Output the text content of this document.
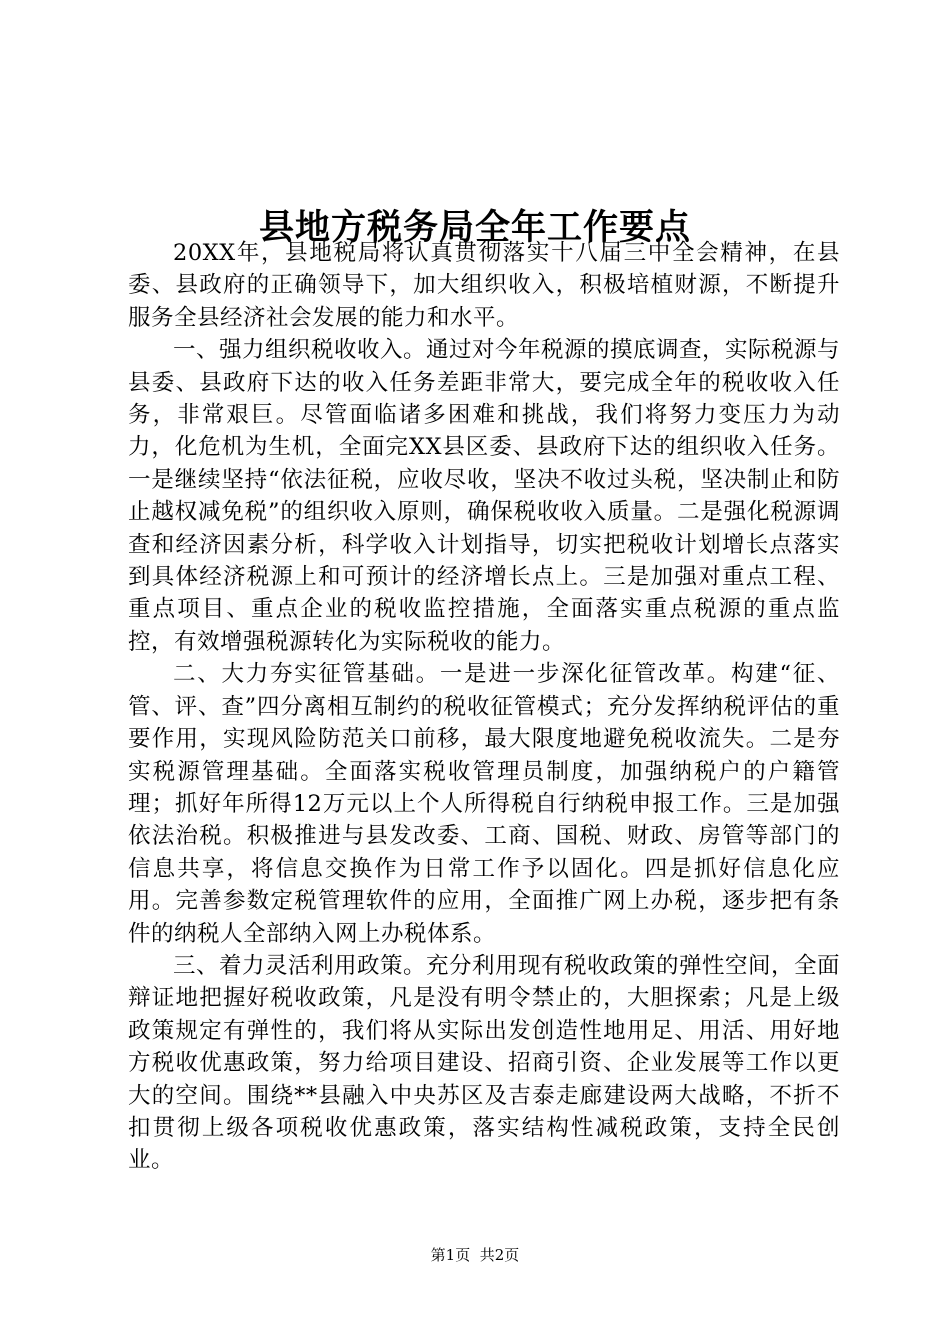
县地方税务局全年工作要点

20XX年，县地税局将认真贯彻落实十八届三中全会精神，在县委、县政府的正确领导下，加大组织收入，积极培植财源，不断提升服务全县经济社会发展的能力和水平。

一、强力组织税收收入。通过对今年税源的摸底调查，实际税源与县委、县政府下达的收入任务差距非常大，要完成全年的税收收入任务，非常艰巨。尽管面临诸多困难和挑战，我们将努力变压力为动力，化危机为生机，全面完XX县区委、县政府下达的组织收入任务。一是继续坚持“依法征税，应收尽收，坚决不收过头税，坚决制止和防止越权减免税”的组织收入原则，确保税收收入质量。二是强化税源调查和经济因素分析，科学收入计划指导，切实把税收计划增长点落实到具体经济税源上和可预计的经济增长点上。三是加强对重点工程、重点项目、重点企业的税收监控措施，全面落实重点税源的重点监控，有效增强税源转化为实际税收的能力。

二、大力夯实征管基础。一是进一步深化征管改革。构建“征、管、评、查”四分离相互制约的税收征管模式；充分发挥纳税评估的重要作用，实现风险防范关口前移，最大限度地避免税收流失。二是夯实税源管理基础。全面落实税收管理员制度，加强纳税户的户籍管理；抓好年所得12万元以上个人所得税自行纳税申报工作。三是加强依法治税。积极推进与县发改委、工商、国税、财政、房管等部门的信息共享，将信息交换作为日常工作予以固化。四是抓好信息化应用。完善参数定税管理软件的应用，全面推广网上办税，逐步把有条件的纳税人全部纳入网上办税体系。

三、着力灵活利用政策。充分利用现有税收政策的弹性空间，全面辩证地把握好税收政策，凡是没有明令禁止的，大胆探索；凡是上级政策规定有弹性的，我们将从实际出发创造性地用足、用活、用好地方税收优惠政策，努力给项目建设、招商引资、企业发展等工作以更大的空间。围绕**县融入中央苏区及吉泰走廊建设两大战略，不折不扣贯彻上级各项税收优惠政策，落实结构性减税政策，支持全民创业。

第1页 共2页
